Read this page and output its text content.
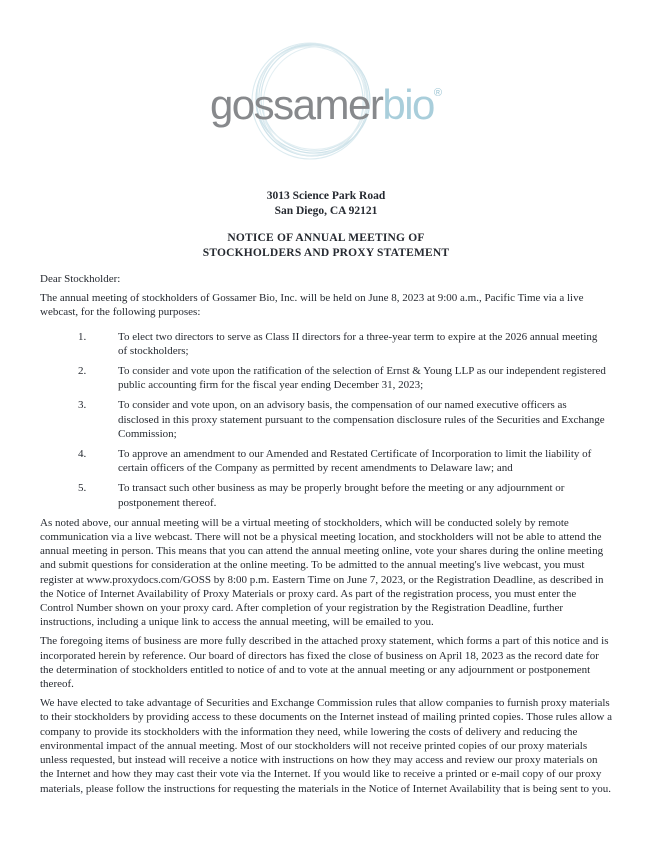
gossamerbio®
3013 Science Park Road
San Diego, CA 92121
NOTICE OF ANNUAL MEETING OF
STOCKHOLDERS AND PROXY STATEMENT

Dear Stockholder:

The annual meeting of stockholders of Gossamer Bio, Inc. will be held on June 8, 2023 at 9:00 a.m., Pacific Time via a live webcast, for the following purposes:

1.	To elect two directors to serve as Class II directors for a three-year term to expire at the 2026 annual meeting of stockholders;
2.	To consider and vote upon the ratification of the selection of Ernst & Young LLP as our independent registered public accounting firm for the fiscal year ending December 31, 2023;
3.	To consider and vote upon, on an advisory basis, the compensation of our named executive officers as disclosed in this proxy statement pursuant to the compensation disclosure rules of the Securities and Exchange Commission;
4.	To approve an amendment to our Amended and Restated Certificate of Incorporation to limit the liability of certain officers of the Company as permitted by recent amendments to Delaware law; and
5.	To transact such other business as may be properly brought before the meeting or any adjournment or postponement thereof.

As noted above, our annual meeting will be a virtual meeting of stockholders, which will be conducted solely by remote communication via a live webcast. There will not be a physical meeting location, and stockholders will not be able to attend the annual meeting in person. This means that you can attend the annual meeting online, vote your shares during the online meeting and submit questions for consideration at the online meeting. To be admitted to the annual meeting's live webcast, you must register at www.proxydocs.com/GOSS by 8:00 p.m. Eastern Time on June 7, 2023, or the Registration Deadline, as described in the Notice of Internet Availability of Proxy Materials or proxy card. As part of the registration process, you must enter the Control Number shown on your proxy card. After completion of your registration by the Registration Deadline, further instructions, including a unique link to access the annual meeting, will be emailed to you.

The foregoing items of business are more fully described in the attached proxy statement, which forms a part of this notice and is incorporated herein by reference. Our board of directors has fixed the close of business on April 18, 2023 as the record date for the determination of stockholders entitled to notice of and to vote at the annual meeting or any adjournment or postponement thereof.

We have elected to take advantage of Securities and Exchange Commission rules that allow companies to furnish proxy materials to their stockholders by providing access to these documents on the Internet instead of mailing printed copies. Those rules allow a company to provide its stockholders with the information they need, while lowering the costs of delivery and reducing the environmental impact of the annual meeting. Most of our stockholders will not receive printed copies of our proxy materials unless requested, but instead will receive a notice with instructions on how they may access and review our proxy materials on the Internet and how they may cast their vote via the Internet. If you would like to receive a printed or e-mail copy of our proxy materials, please follow the instructions for requesting the materials in the Notice of Internet Availability that is being sent to you.
